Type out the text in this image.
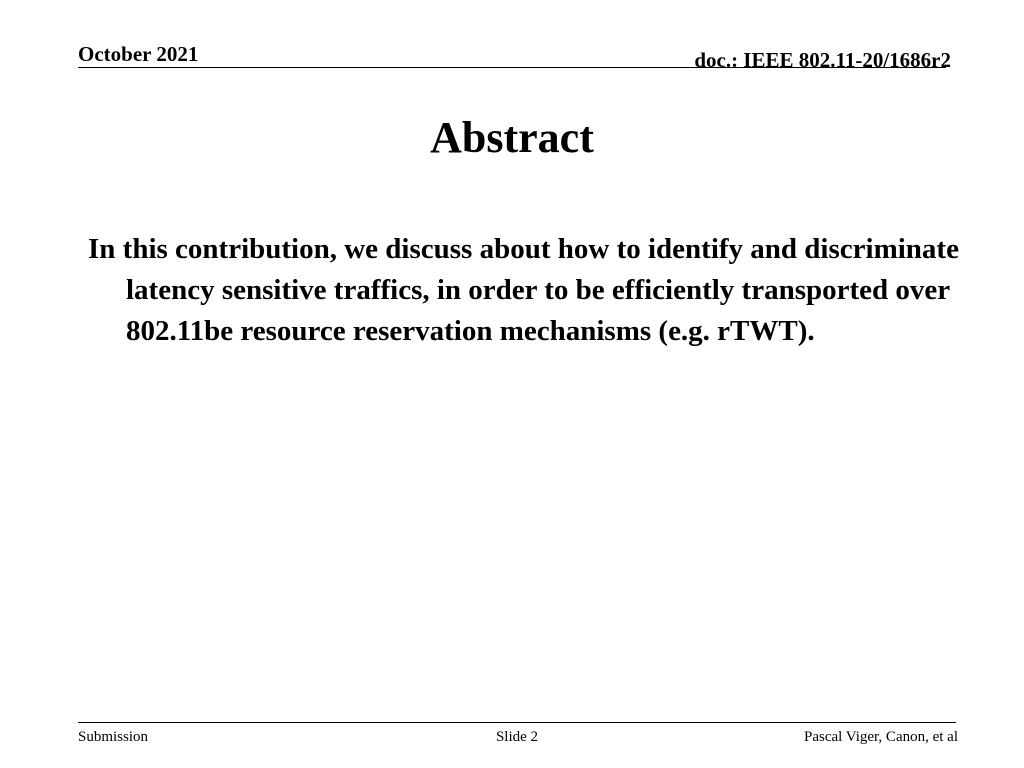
October 2021	doc.: IEEE 802.11-20/1686r2
Abstract

In this contribution, we discuss about how to identify and discriminate latency sensitive traffics, in order to be efficiently transported over 802.11be resource reservation mechanisms (e.g. rTWT).

Submission	Slide 2	Pascal Viger, Canon, et al
